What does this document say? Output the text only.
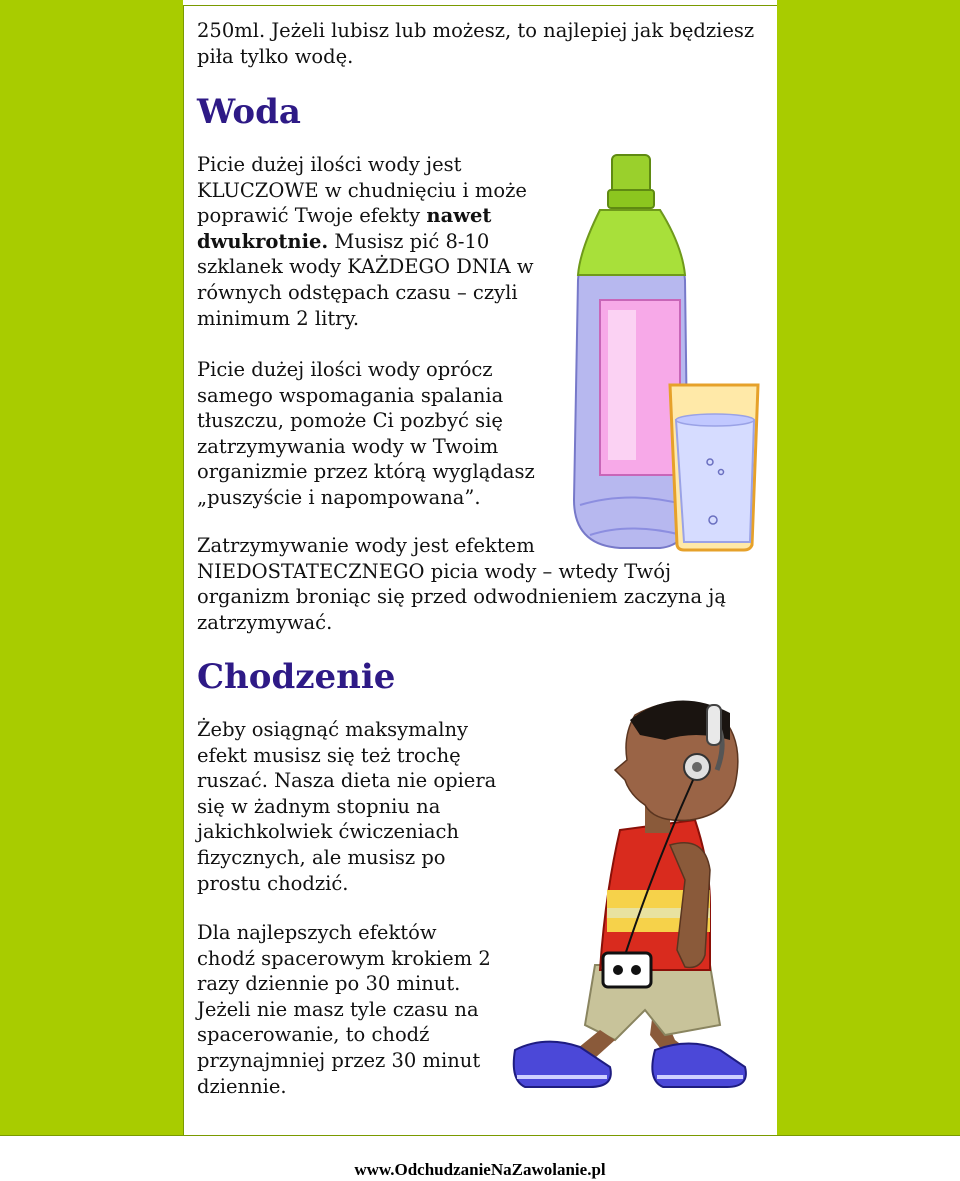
250ml. Jeżeli lubisz lub możesz, to najlepiej jak będziesz piła tylko wodę.

Woda

Picie dużej ilości wody jest KLUCZOWE w chudnięciu i może poprawić Twoje efekty nawet dwukrotnie. Musisz pić 8-10 szklanek wody KAŻDEGO DNIA w równych odstępach czasu – czyli minimum 2 litry.

Picie dużej ilości wody oprócz samego wspomagania spalania tłuszczu, pomoże Ci pozbyć się zatrzymywania wody w Twoim organizmie przez którą wyglądasz „puszyście i napompowana”.

Zatrzymywanie wody jest efektem NIEDOSTATECZNEGO picia wody – wtedy Twój organizm broniąc się przed odwodnieniem zaczyna ją zatrzymywać.

Chodzenie

Żeby osiągnąć maksymalny efekt musisz się też trochę ruszać. Nasza dieta nie opiera się w żadnym stopniu na jakichkolwiek ćwiczeniach fizycznych, ale musisz po prostu chodzić.

Dla najlepszych efektów chodź spacerowym krokiem 2 razy dziennie po 30 minut. Jeżeli nie masz tyle czasu na spacerowanie, to chodź przynajmniej przez 30 minut dziennie.

www.OdchudzanieNaZawolanie.pl
